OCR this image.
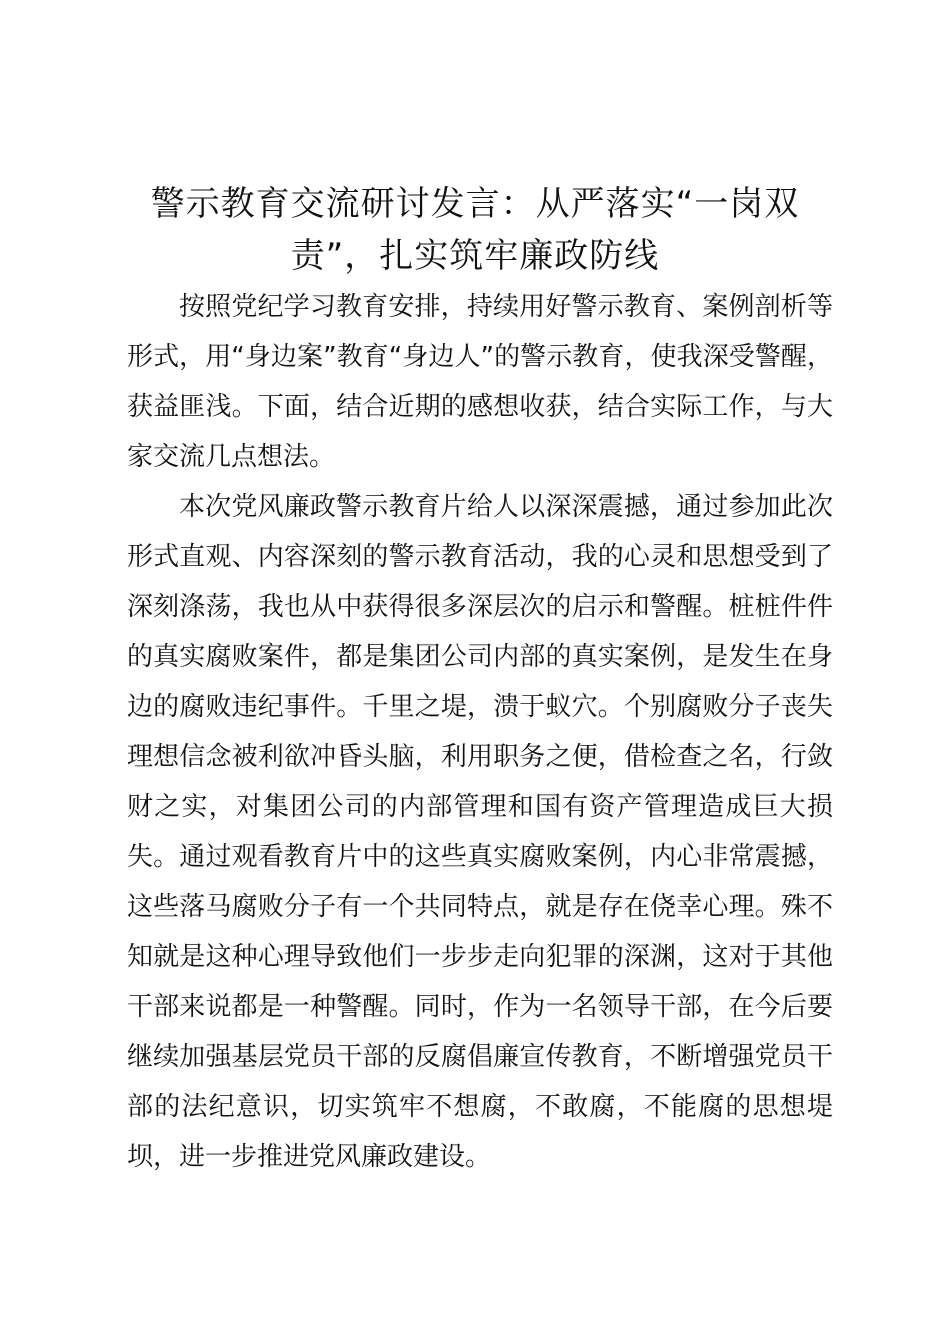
警示教育交流研讨发言：从严落实“一岗双责”，扎实筑牢廉政防线

按照党纪学习教育安排，持续用好警示教育、案例剖析等形式，用“身边案”教育“身边人”的警示教育，使我深受警醒，获益匪浅。下面，结合近期的感想收获，结合实际工作，与大家交流几点想法。

本次党风廉政警示教育片给人以深深震撼，通过参加此次形式直观、内容深刻的警示教育活动，我的心灵和思想受到了深刻涤荡，我也从中获得很多深层次的启示和警醒。桩桩件件的真实腐败案件，都是集团公司内部的真实案例，是发生在身边的腐败违纪事件。千里之堤，溃于蚁穴。个别腐败分子丧失理想信念被利欲冲昏头脑，利用职务之便，借检查之名，行敛财之实，对集团公司的内部管理和国有资产管理造成巨大损失。通过观看教育片中的这些真实腐败案例，内心非常震撼，这些落马腐败分子有一个共同特点，就是存在侥幸心理。殊不知就是这种心理导致他们一步步走向犯罪的深渊，这对于其他干部来说都是一种警醒。同时，作为一名领导干部，在今后要继续加强基层党员干部的反腐倡廉宣传教育，不断增强党员干部的法纪意识，切实筑牢不想腐，不敢腐，不能腐的思想堤坝，进一步推进党风廉政建设。
